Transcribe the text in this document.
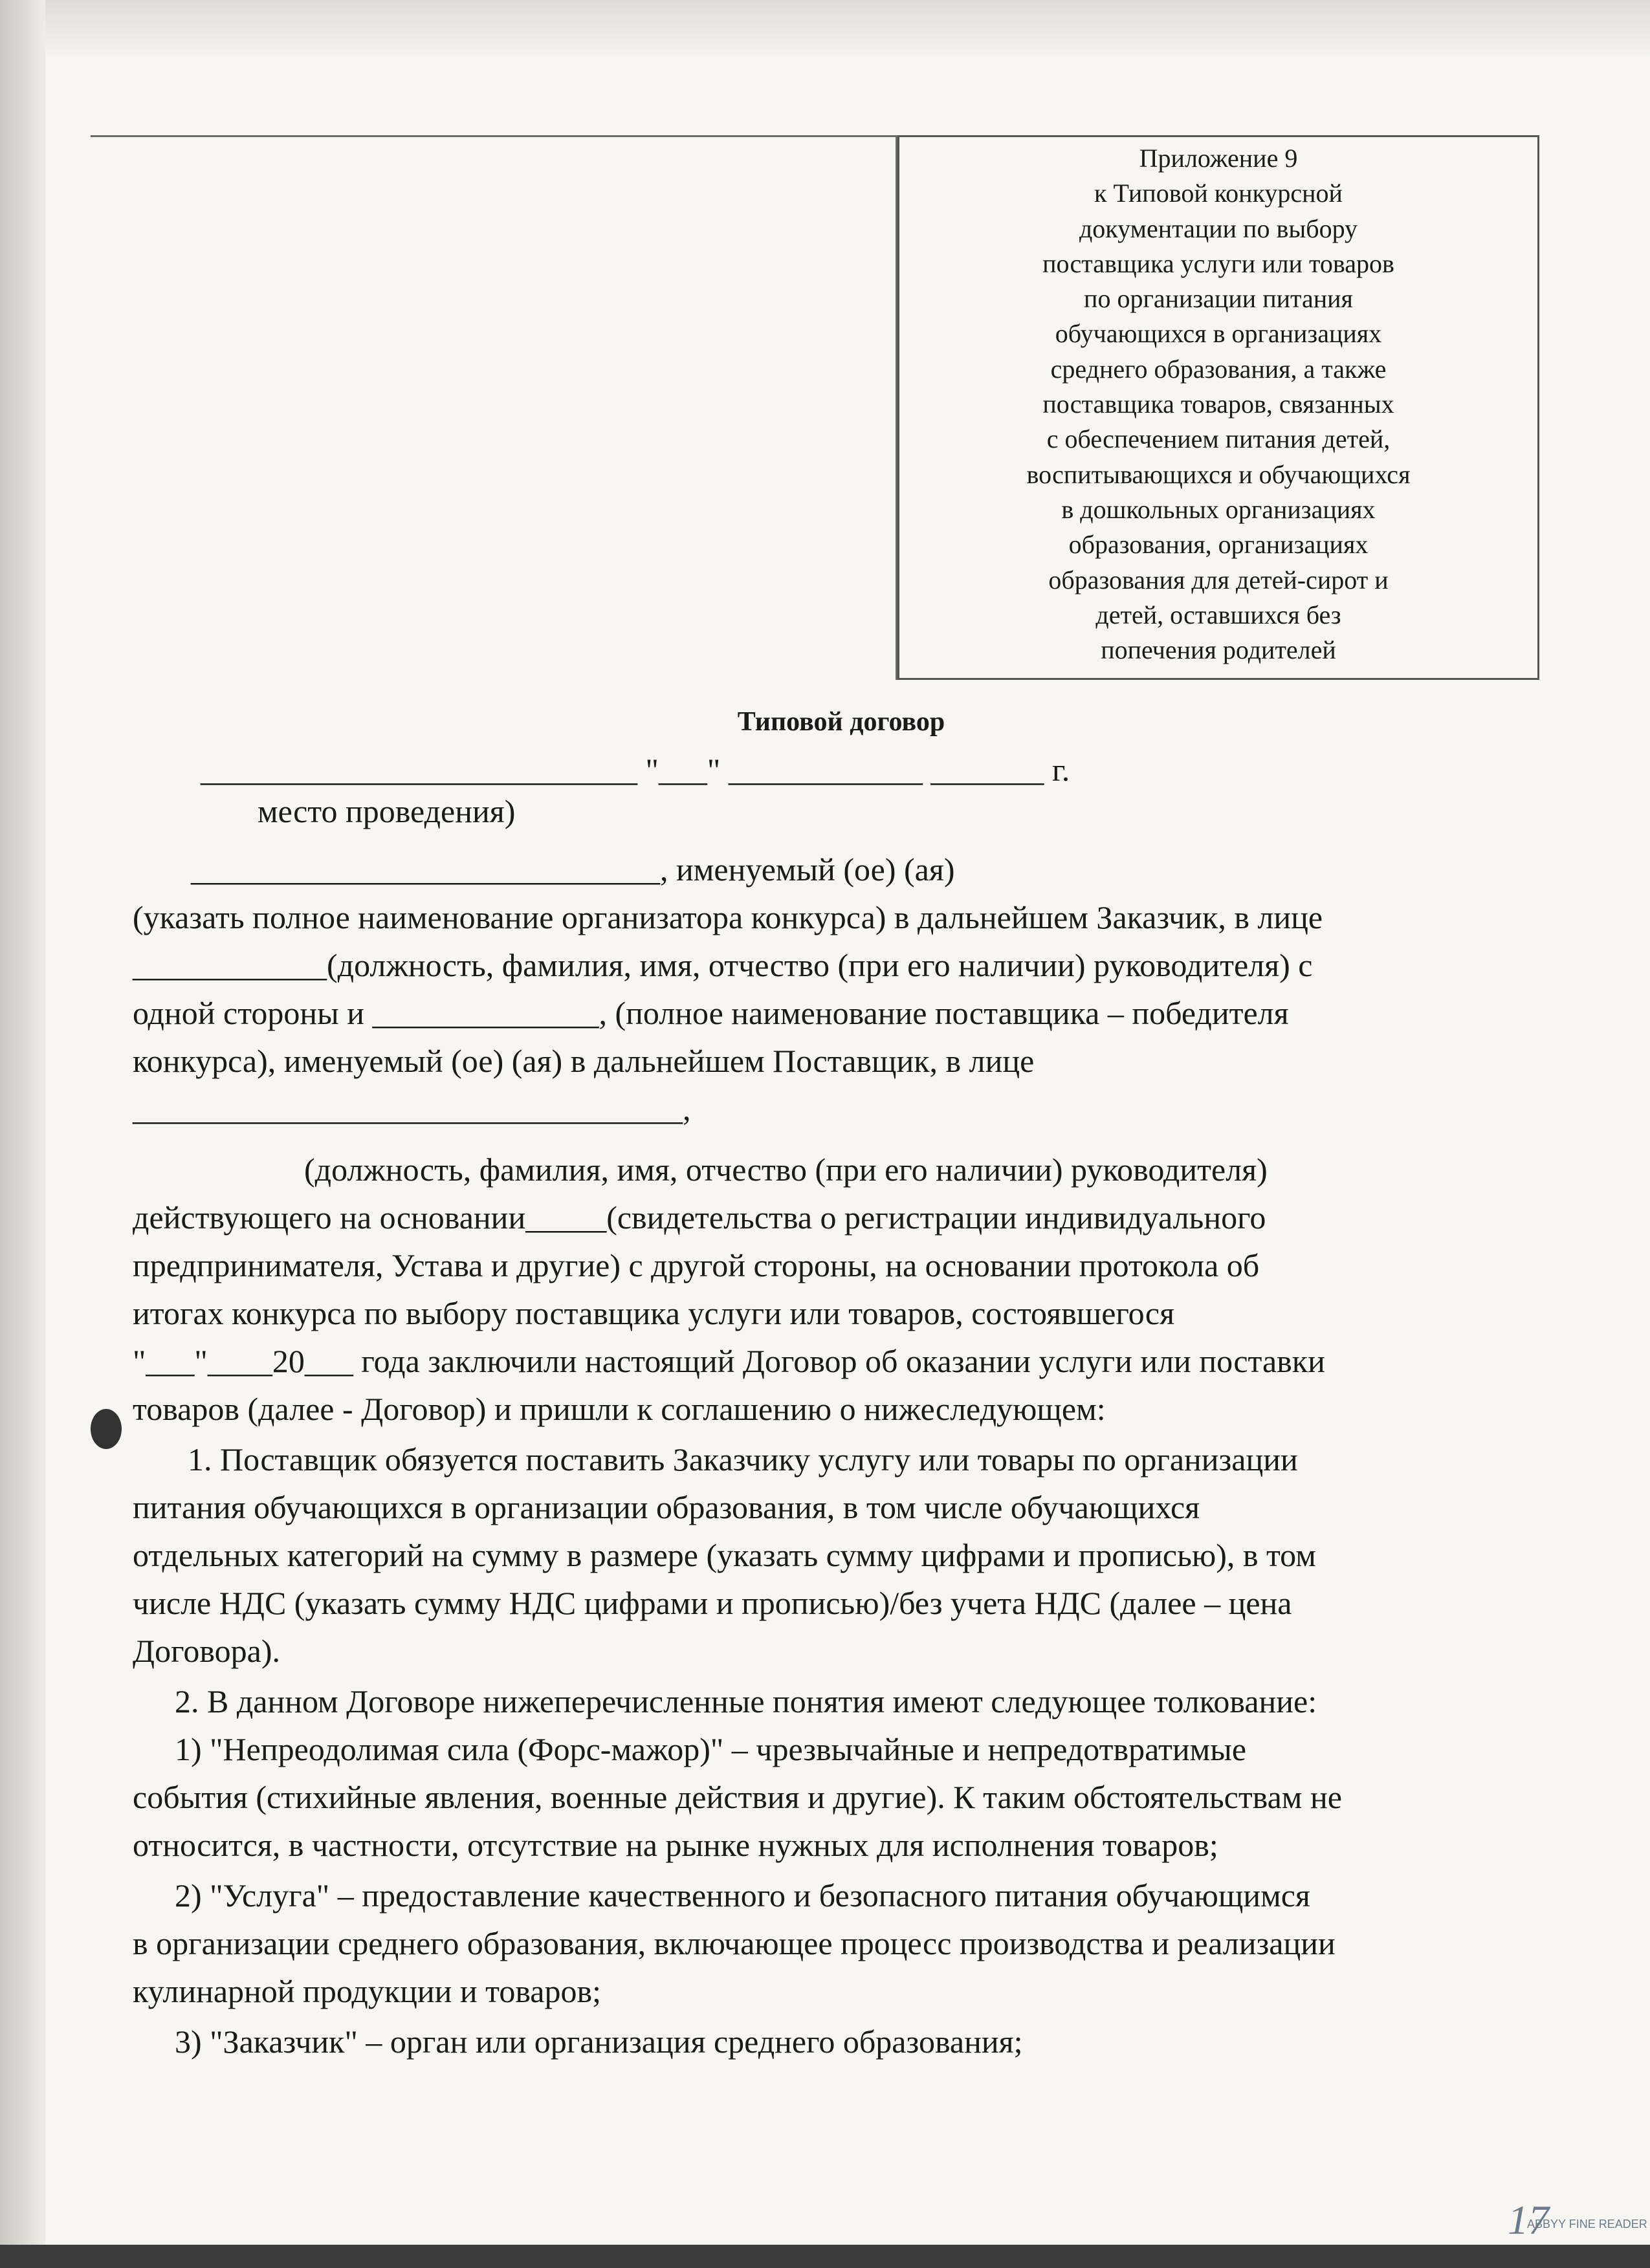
Приложение 9
к Типовой конкурсной
документации по выбору
поставщика услуги или товаров
по организации питания
обучающихся в организациях
среднего образования, а также
поставщика товаров, связанных
с обеспечением питания детей,
воспитывающихся и обучающихся
в дошкольных организациях
образования, организациях
образования для детей-сирот и
детей, оставшихся без
попечения родителей
Типовой договор
___________________________ "___" ____________ _______ г.
место проведения)
_____________________________, именуемый (ое) (ая)
(указать полное наименование организатора конкурса) в дальнейшем Заказчик, в лице
____________(должность, фамилия, имя, отчество (при его наличии) руководителя) с
одной стороны и ______________, (полное наименование поставщика – победителя
конкурса), именуемый (ое) (ая) в дальнейшем Поставщик, в лице
__________________________________,
(должность, фамилия, имя, отчество (при его наличии) руководителя)
действующего на основании_____(свидетельства о регистрации индивидуального
предпринимателя, Устава и другие) с другой стороны, на основании протокола об
итогах конкурса по выбору поставщика услуги или товаров, состоявшегося
"___"____20___ года заключили настоящий Договор об оказании услуги или поставки
товаров (далее - Договор) и пришли к соглашению о нижеследующем:
1. Поставщик обязуется поставить Заказчику услугу или товары по организации
питания обучающихся в организации образования, в том числе обучающихся
отдельных категорий на сумму в размере (указать сумму цифрами и прописью), в том
числе НДС (указать сумму НДС цифрами и прописью)/без учета НДС (далее – цена
Договора).
2. В данном Договоре нижеперечисленные понятия имеют следующее толкование:
1) "Непреодолимая сила (Форс-мажор)" – чрезвычайные и непредотвратимые
события (стихийные явления, военные действия и другие). К таким обстоятельствам не
относится, в частности, отсутствие на рынке нужных для исполнения товаров;
2) "Услуга" – предоставление качественного и безопасного питания обучающимся
в организации среднего образования, включающее процесс производства и реализации
кулинарной продукции и товаров;
3) "Заказчик" – орган или организация среднего образования;
17
ABBYY FINE READER
